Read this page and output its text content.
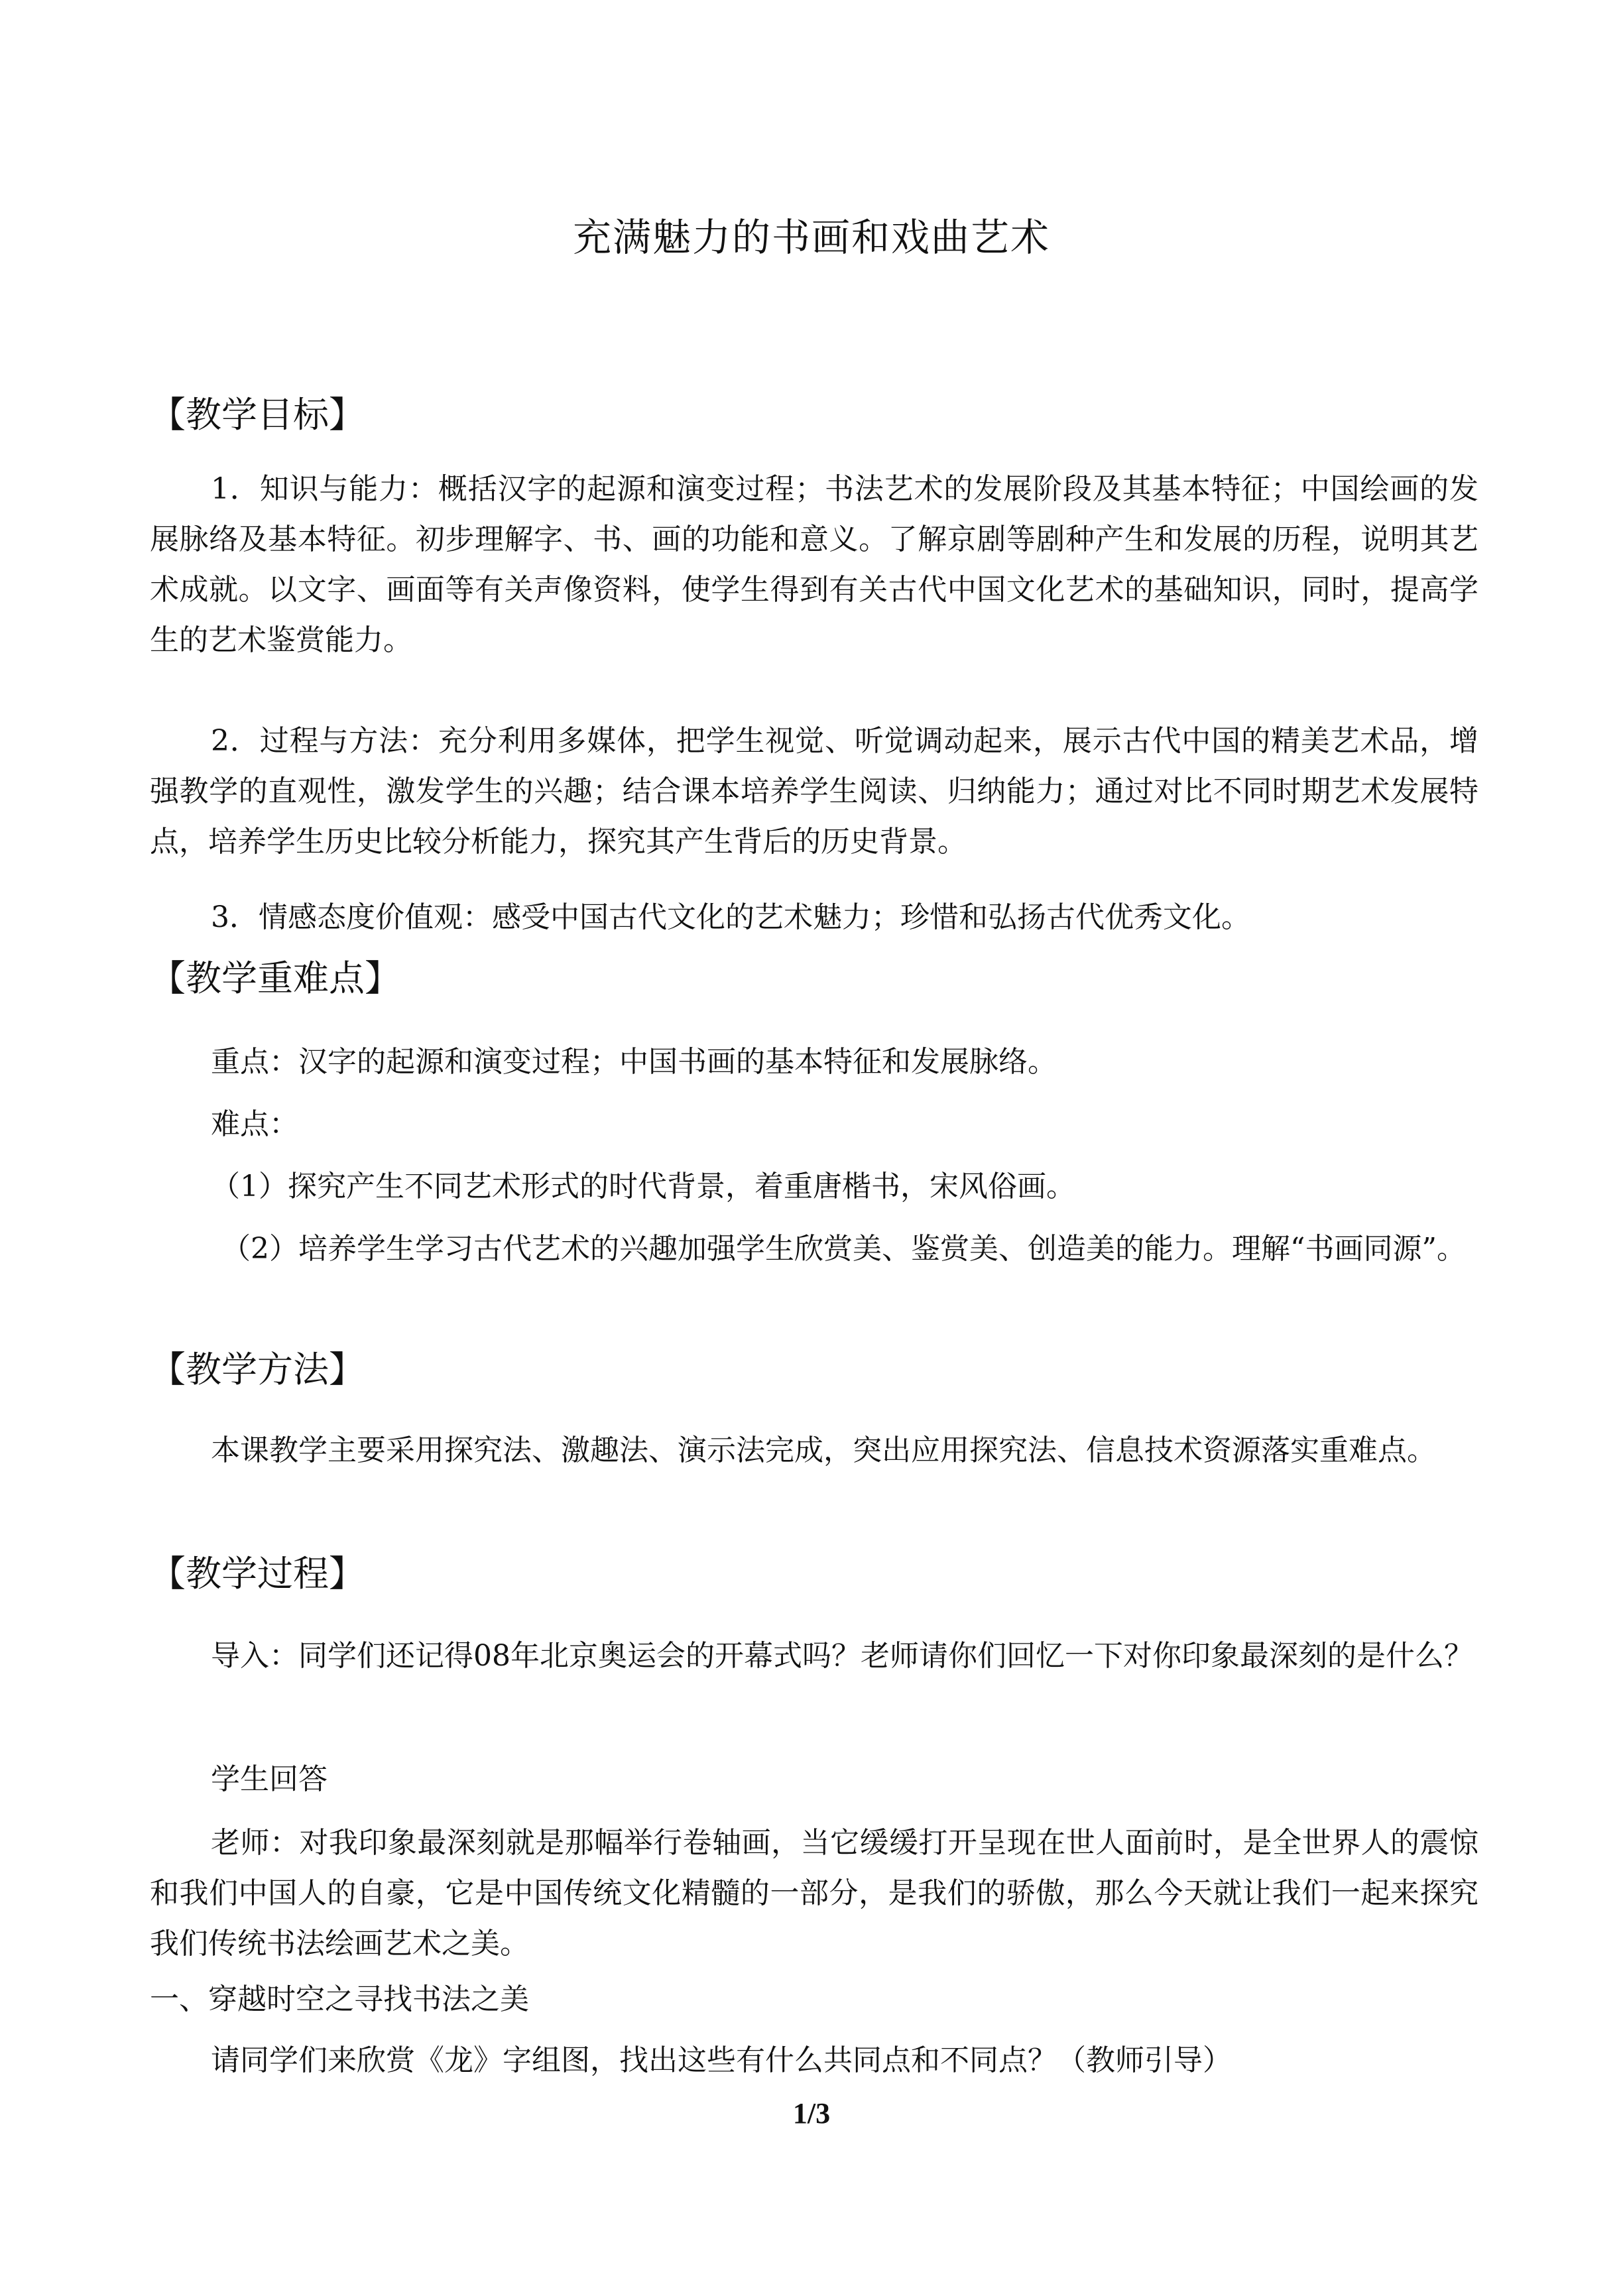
充满魅力的书画和戏曲艺术
【教学目标】
1．知识与能力：概括汉字的起源和演变过程；书法艺术的发展阶段及其基本特征；中国绘画的发展脉络及基本特征。初步理解字、书、画的功能和意义。了解京剧等剧种产生和发展的历程，说明其艺术成就。以文字、画面等有关声像资料，使学生得到有关古代中国文化艺术的基础知识，同时，提高学生的艺术鉴赏能力。
2．过程与方法：充分利用多媒体，把学生视觉、听觉调动起来，展示古代中国的精美艺术品，增强教学的直观性，激发学生的兴趣；结合课本培养学生阅读、归纳能力；通过对比不同时期艺术发展特点，培养学生历史比较分析能力，探究其产生背后的历史背景。
3．情感态度价值观：感受中国古代文化的艺术魅力；珍惜和弘扬古代优秀文化。
【教学重难点】
重点：汉字的起源和演变过程；中国书画的基本特征和发展脉络。
难点：
（1）探究产生不同艺术形式的时代背景，着重唐楷书，宋风俗画。
（2）培养学生学习古代艺术的兴趣加强学生欣赏美、鉴赏美、创造美的能力。理解“书画同源”。
【教学方法】
本课教学主要采用探究法、激趣法、演示法完成，突出应用探究法、信息技术资源落实重难点。
【教学过程】
导入：同学们还记得08年北京奥运会的开幕式吗？老师请你们回忆一下对你印象最深刻的是什么？
学生回答
老师：对我印象最深刻就是那幅举行卷轴画，当它缓缓打开呈现在世人面前时，是全世界人的震惊和我们中国人的自豪，它是中国传统文化精髓的一部分，是我们的骄傲，那么今天就让我们一起来探究我们传统书法绘画艺术之美。
一、穿越时空之寻找书法之美
请同学们来欣赏《龙》字组图，找出这些有什么共同点和不同点？（教师引导）
1/3
